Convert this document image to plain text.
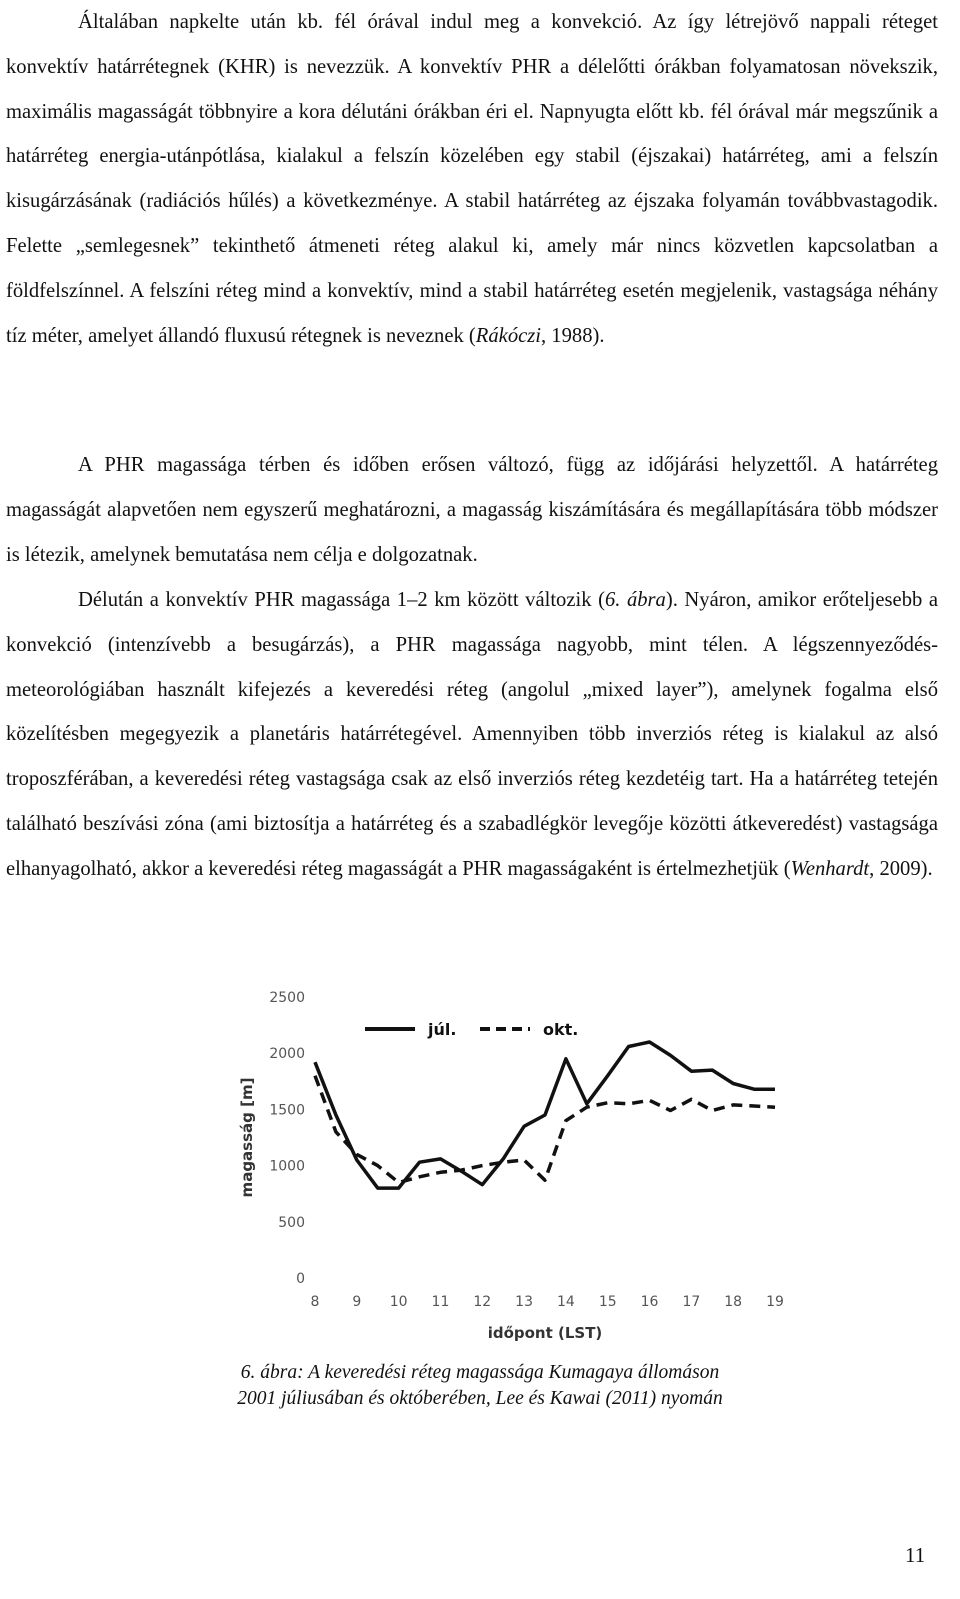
Általában napkelte után kb. fél órával indul meg a konvekció. Az így létrejövő nappali réteget konvektív határrétegnek (KHR) is nevezzük. A konvektív PHR a délelőtti órákban folyamatosan növekszik, maximális magasságát többnyire a kora délutáni órákban éri el. Napnyugta előtt kb. fél órával már megszűnik a határréteg energia-utánpótlása, kialakul a felszín közelében egy stabil (éjszakai) határréteg, ami a felszín kisugárzásának (radiációs hűlés) a következménye. A stabil határréteg az éjszaka folyamán továbbvastagodik. Felette „semlegesnek” tekinthető átmeneti réteg alakul ki, amely már nincs közvetlen kapcsolatban a földfelszínnel. A felszíni réteg mind a konvektív, mind a stabil határréteg esetén megjelenik, vastagsága néhány tíz méter, amelyet állandó fluxusú rétegnek is neveznek (Rákóczi, 1988).

A PHR magassága térben és időben erősen változó, függ az időjárási helyzettől. A határréteg magasságát alapvetően nem egyszerű meghatározni, a magasság kiszámítására és megállapítására több módszer is létezik, amelynek bemutatása nem célja e dolgozatnak.

Délután a konvektív PHR magassága 1–2 km között változik (6. ábra). Nyáron, amikor erőteljesebb a konvekció (intenzívebb a besugárzás), a PHR magassága nagyobb, mint télen. A légszennyeződés-meteorológiában használt kifejezés a keveredési réteg (angolul „mixed layer”), amelynek fogalma első közelítésben megegyezik a planetáris határrétegével. Amennyiben több inverziós réteg is kialakul az alsó troposzférában, a keveredési réteg vastagsága csak az első inverziós réteg kezdetéig tart. Ha a határréteg tetején található beszívási zóna (ami biztosítja a határréteg és a szabadlégkör levegője közötti átkeveredést) vastagsága elhanyagolható, akkor a keveredési réteg magasságát a PHR magasságaként is értelmezhetjük (Wenhardt, 2009).

0
500
1000
1500
2000
2500
8 9 10 11 12 13 14 15 16 17 18 19
magasság [m]
időpont (LST)
júl.	okt.
6. ábra: A keveredési réteg magassága Kumagaya állomáson
2001 júliusában és októberében, Lee és Kawai (2011) nyomán
11
